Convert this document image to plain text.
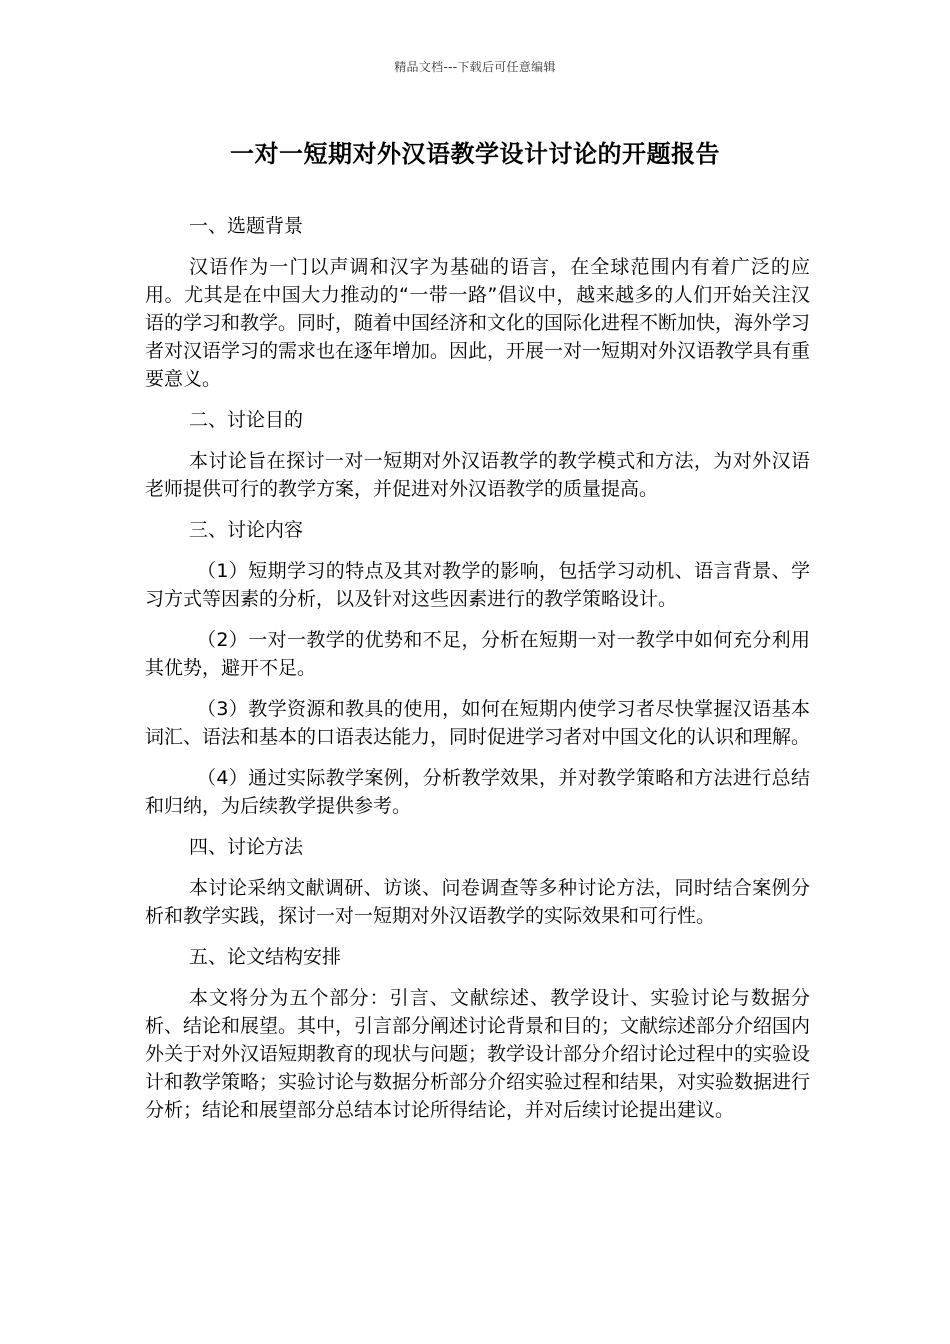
精品文档---下载后可任意编辑
一对一短期对外汉语教学设计讨论的开题报告

一、选题背景

汉语作为一门以声调和汉字为基础的语言，在全球范围内有着广泛的应用。尤其是在中国大力推动的“一带一路”倡议中，越来越多的人们开始关注汉语的学习和教学。同时，随着中国经济和文化的国际化进程不断加快，海外学习者对汉语学习的需求也在逐年增加。因此，开展一对一短期对外汉语教学具有重要意义。

二、讨论目的

本讨论旨在探讨一对一短期对外汉语教学的教学模式和方法，为对外汉语老师提供可行的教学方案，并促进对外汉语教学的质量提高。

三、讨论内容

（1）短期学习的特点及其对教学的影响，包括学习动机、语言背景、学习方式等因素的分析，以及针对这些因素进行的教学策略设计。

（2）一对一教学的优势和不足，分析在短期一对一教学中如何充分利用其优势，避开不足。

（3）教学资源和教具的使用，如何在短期内使学习者尽快掌握汉语基本词汇、语法和基本的口语表达能力，同时促进学习者对中国文化的认识和理解。

（4）通过实际教学案例，分析教学效果，并对教学策略和方法进行总结和归纳，为后续教学提供参考。

四、讨论方法

本讨论采纳文献调研、访谈、问卷调查等多种讨论方法，同时结合案例分析和教学实践，探讨一对一短期对外汉语教学的实际效果和可行性。

五、论文结构安排

本文将分为五个部分：引言、文献综述、教学设计、实验讨论与数据分析、结论和展望。其中，引言部分阐述讨论背景和目的；文献综述部分介绍国内外关于对外汉语短期教育的现状与问题；教学设计部分介绍讨论过程中的实验设计和教学策略；实验讨论与数据分析部分介绍实验过程和结果，对实验数据进行分析；结论和展望部分总结本讨论所得结论，并对后续讨论提出建议。
